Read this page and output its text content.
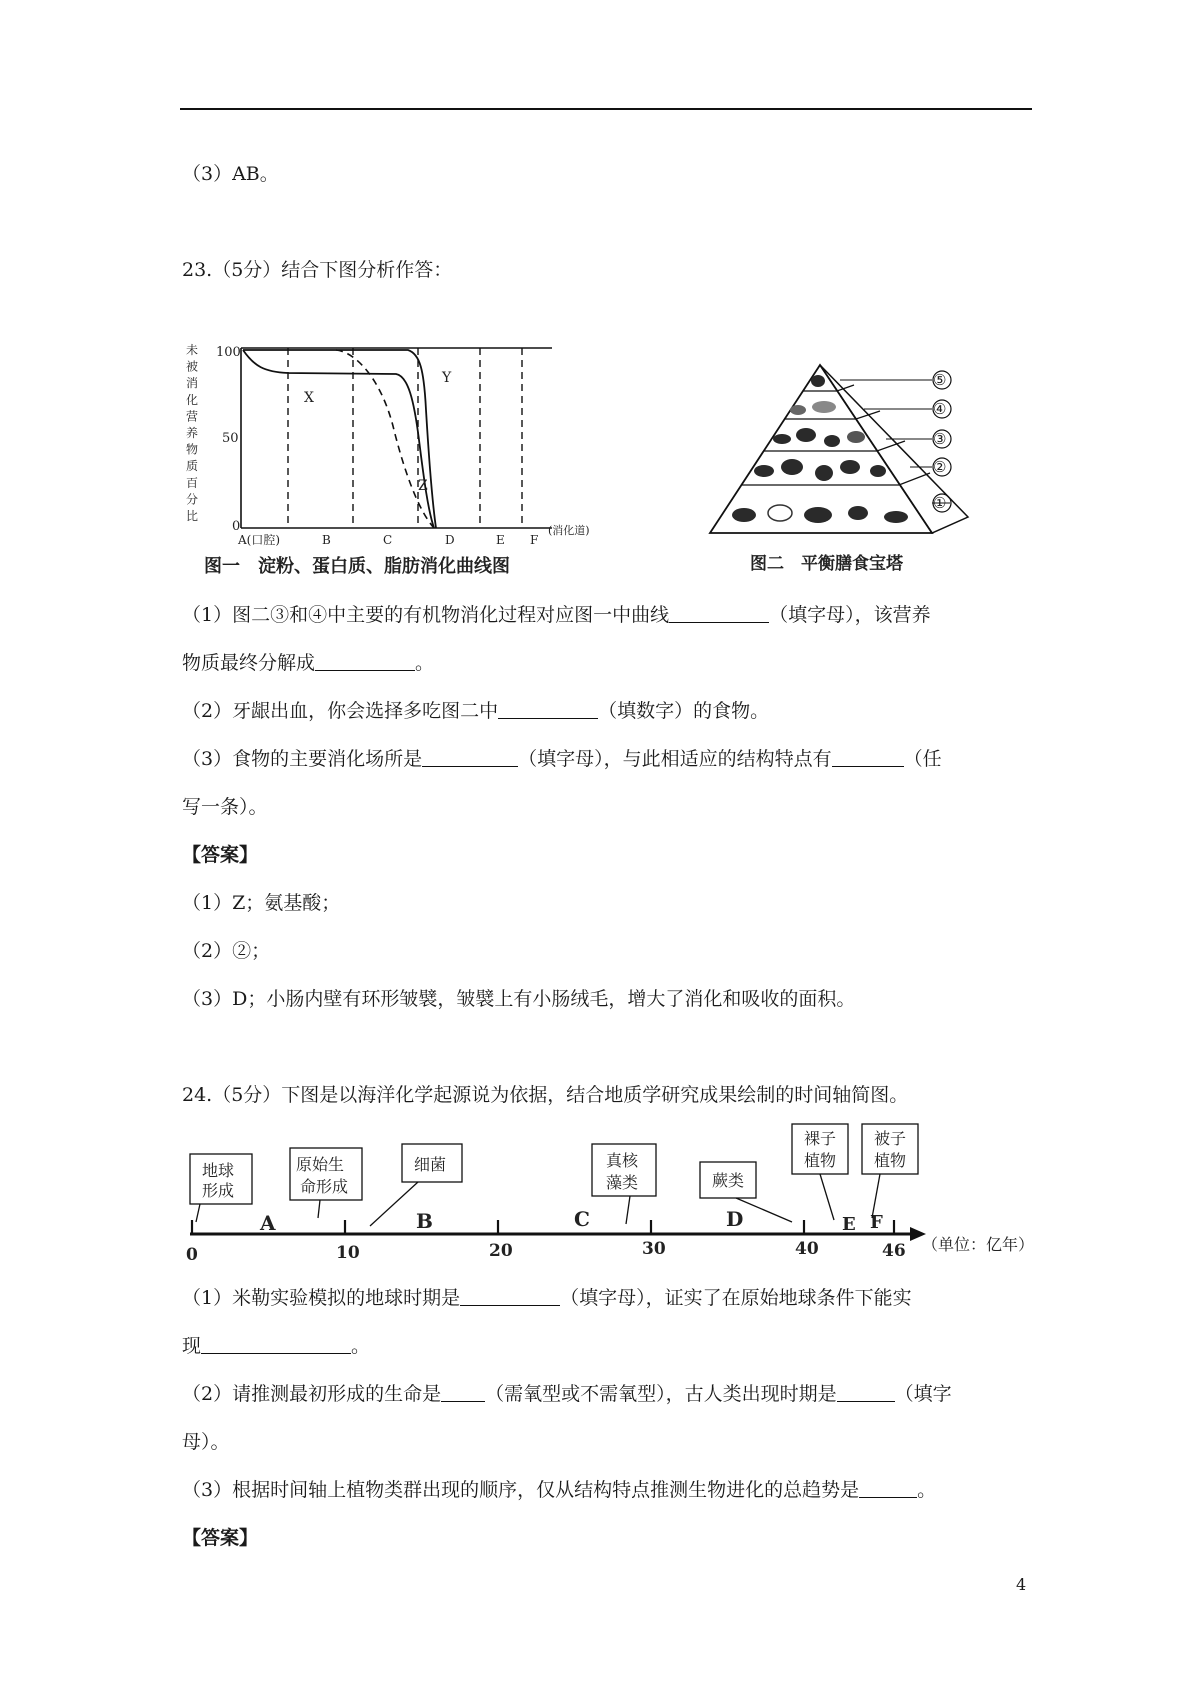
（3）AB。
23.（5分）结合下图分析作答：
未
被
消
化
营
养
物
质
百
分
比
100
50
0
X
Y
Z
A(口腔)	B	C	D	E F
(消化道)
图一　淀粉、蛋白质、脂肪消化曲线图
⑤
④
③
②
①
图二　平衡膳食宝塔
（1）图二③和④中主要的有机物消化过程对应图一中曲线	（填字母），该营养
物质最终分解成	。
（2）牙龈出血，你会选择多吃图二中	（填数字）的食物。
（3）食物的主要消化场所是	（填字母），与此相适应的结构特点有	（任
写一条）。
【答案】
（1）Z；氨基酸；
（2）②；
（3）D；小肠内壁有环形皱襞，皱襞上有小肠绒毛，增大了消化和吸收的面积。
24.（5分）下图是以海洋化学起源说为依据，结合地质学研究成果绘制的时间轴简图。
0	10	20	30	40	46 （单位：亿年）
A	B	C	D	E F
地球
形成
原始生
命形成
细菌	真核
藻类	蕨类
裸子
植物
被子
植物
（1）米勒实验模拟的地球时期是	（填字母），证实了在原始地球条件下能实
现	。
（2）请推测最初形成的生命是 （需氧型或不需氧型），古人类出现时期是	（填字
母）。
（3）根据时间轴上植物类群出现的顺序，仅从结构特点推测生物进化的总趋势是	。
【答案】
4
